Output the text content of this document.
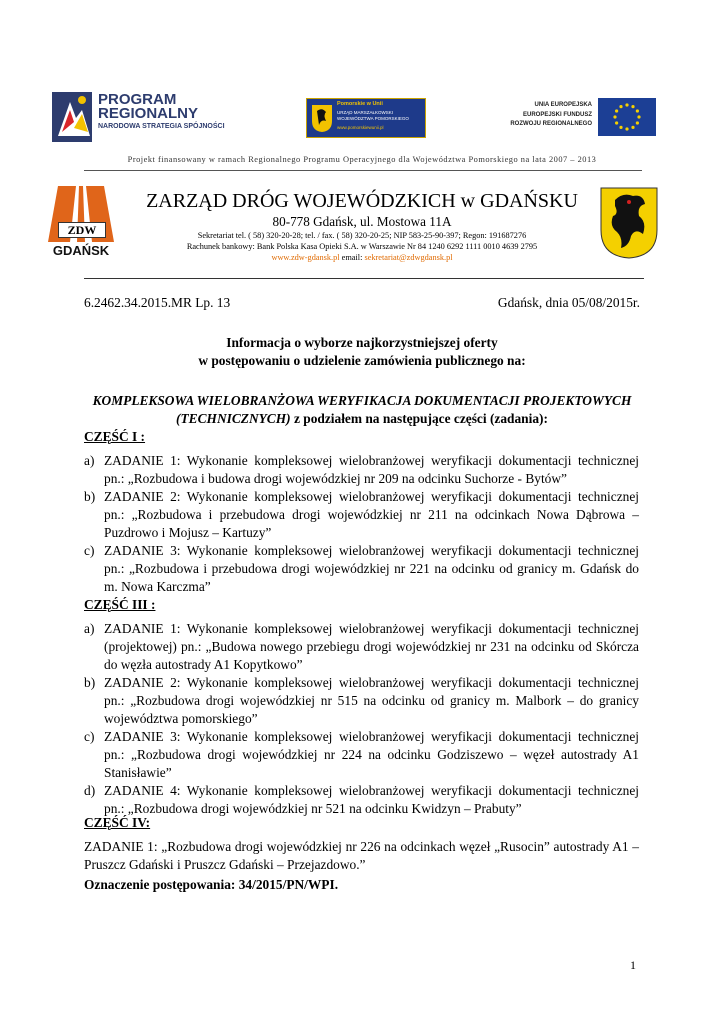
PROGRAM
REGIONALNY
NARODOWA STRATEGIA SPÓJNOŚCI
Pomorskie w Unii
URZĄD MARSZAŁKOWSKI
WOJEWÓDZTWA POMORSKIEGO
www.pomorskiewunii.pl
UNIA EUROPEJSKA
EUROPEJSKI FUNDUSZ
ROZWOJU REGIONALNEGO
Projekt finansowany w ramach Regionalnego Programu Operacyjnego dla Województwa Pomorskiego na lata 2007 – 2013
ZDW
GDAŃSK
ZARZĄD DRÓG WOJEWÓDZKICH w GDAŃSKU
80-778 Gdańsk, ul. Mostowa 11A
Sekretariat tel. ( 58) 320-20-28; tel. / fax. ( 58) 320-20-25; NIP 583-25-90-397; Regon: 191687276
Rachunek bankowy: Bank Polska Kasa Opieki S.A. w Warszawie Nr 84 1240 6292 1111 0010 4639 2795
www.zdw-gdansk.pl email: sekretariat@zdwgdansk.pl
6.2462.34.2015.MR Lp. 13	Gdańsk, dnia 05/08/2015r.
Informacja o wyborze najkorzystniejszej oferty
w postępowaniu o udzielenie zamówienia publicznego na:
KOMPLEKSOWA WIELOBRANŻOWA WERYFIKACJA DOKUMENTACJI PROJEKTOWYCH
(TECHNICZNYCH) z podziałem na następujące części (zadania):
CZĘŚĆ I :
a) ZADANIE 1: Wykonanie kompleksowej wielobranżowej weryfikacji dokumentacji technicznej
pn.: „Rozbudowa i budowa drogi wojewódzkiej nr 209 na odcinku Suchorze - Bytów”
b) ZADANIE 2: Wykonanie kompleksowej wielobranżowej weryfikacji dokumentacji technicznej
pn.: „Rozbudowa i przebudowa drogi wojewódzkiej nr 211 na odcinkach Nowa Dąbrowa –
Puzdrowo i Mojusz – Kartuzy”
c) ZADANIE 3: Wykonanie kompleksowej wielobranżowej weryfikacji dokumentacji technicznej
pn.: „Rozbudowa i przebudowa drogi wojewódzkiej nr 221 na odcinku od granicy m. Gdańsk do
m. Nowa Karczma”
CZĘŚĆ III :
a) ZADANIE 1: Wykonanie kompleksowej wielobranżowej weryfikacji dokumentacji technicznej
(projektowej) pn.: „Budowa nowego przebiegu drogi wojewódzkiej nr 231 na odcinku od Skórcza
do węzła autostrady A1 Kopytkowo”
b) ZADANIE 2: Wykonanie kompleksowej wielobranżowej weryfikacji dokumentacji technicznej
pn.: „Rozbudowa drogi wojewódzkiej nr 515 na odcinku od granicy m. Malbork – do granicy
województwa pomorskiego”
c) ZADANIE 3: Wykonanie kompleksowej wielobranżowej weryfikacji dokumentacji technicznej
pn.: „Rozbudowa drogi wojewódzkiej nr 224 na odcinku Godziszewo – węzeł autostrady A1
Stanisławie”
d) ZADANIE 4: Wykonanie kompleksowej wielobranżowej weryfikacji dokumentacji technicznej
pn.: „Rozbudowa drogi wojewódzkiej nr 521 na odcinku Kwidzyn – Prabuty”
CZĘŚĆ IV:
ZADANIE 1: „Rozbudowa drogi wojewódzkiej nr 226 na odcinkach węzeł „Rusocin” autostrady A1 –
Pruszcz Gdański i Pruszcz Gdański – Przejazdowo.”
Oznaczenie postępowania: 34/2015/PN/WPI.
1
